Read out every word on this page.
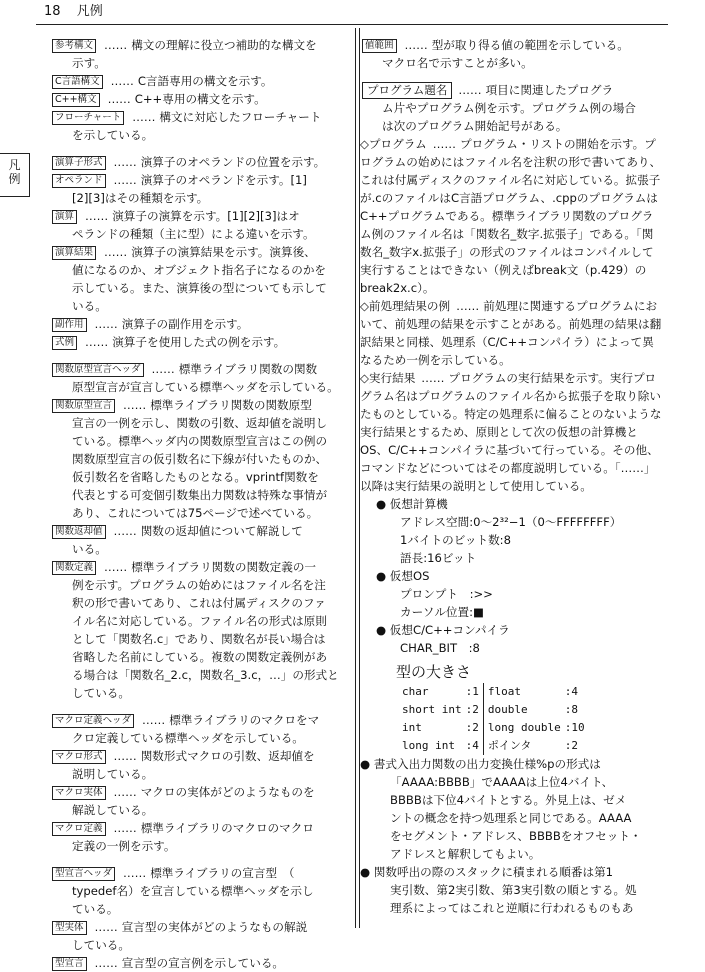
18 凡例
凡
例
参考構文 …… 構文の理解に役立つ補助的な構文を
示す。
C言語構文 …… C言語専用の構文を示す。
C++構文 …… C++専用の構文を示す。
フローチャート …… 構文に対応したフローチャート
を示している。
演算子形式 …… 演算子のオペランドの位置を示す。
オペランド …… 演算子のオペランドを示す。[1]
[2][3]はその種類を示す。
演算 …… 演算子の演算を示す。[1][2][3]はオ
ペランドの種類（主に型）による違いを示す。
演算結果 …… 演算子の演算結果を示す。演算後、
値になるのか、オブジェクト指名子になるのかを
示している。また、演算後の型についても示して
いる。
副作用 …… 演算子の副作用を示す。
式例 …… 演算子を使用した式の例を示す。
関数原型宣言ヘッダ …… 標準ライブラリ関数の関数
原型宣言が宣言している標準ヘッダを示している。
関数原型宣言 …… 標準ライブラリ関数の関数原型
宣言の一例を示し、関数の引数、返却値を説明し
ている。標準ヘッダ内の関数原型宣言はこの例の
関数原型宣言の仮引数名に下線が付いたものか、
仮引数名を省略したものとなる。vprintf関数を
代表とする可変個引数集出力関数は特殊な事情が
あり、これについては75ページで述べている。
関数返却値 …… 関数の返却値について解説して
いる。
関数定義 …… 標準ライブラリ関数の関数定義の一
例を示す。プログラムの始めにはファイル名を注
釈の形で書いてあり、これは付属ディスクのファ
イル名に対応している。ファイル名の形式は原則
として「関数名.c」であり、関数名が長い場合は
省略した名前にしている。複数の関数定義例があ
る場合は「関数名_2.c，関数名_3.c，…」の形式と
している。
マクロ定義ヘッダ …… 標準ライブラリのマクロをマ
クロ定義している標準ヘッダを示している。
マクロ形式 …… 関数形式マクロの引数、返却値を
説明している。
マクロ実体 …… マクロの実体がどのようなものを
解説している。
マクロ定義 …… 標準ライブラリのマクロのマクロ
定義の一例を示す。
型宣言ヘッダ …… 標準ライブラリの宣言型　（
typedef名）を宣言している標準ヘッダを示し
ている。
型実体 …… 宣言型の実体がどのようなもの解説
している。
型宣言 …… 宣言型の宣言例を示している。
値範囲 …… 型が取り得る値の範囲を示している。
マクロ名で示すことが多い。
プログラム題名 …… 項目に関連したプログラ
ム片やプログラム例を示す。プログラム例の場合
は次のプログラム開始記号がある。
◇プログラム …… プログラム・リストの開始を示す。プログラムの始めにはファイル名を注釈の形で書いてあり、これは付属ディスクのファイル名に対応している。拡張子が.cのファイルはC言語プログラム、.cppのプログラムはC++プログラムである。標準ライブラリ関数のプログラム例のファイル名は「関数名_数字.拡張子」である。「関数名_数字x.拡張子」の形式のファイルはコンパイルして実行することはできない（例えばbreak文（p.429）のbreak2x.c）。
◇前処理結果の例 …… 前処理に関連するプログラムにおいて、前処理の結果を示すことがある。前処理の結果は翻訳結果と同様、処理系（C/C++コンパイラ）によって異なるため一例を示している。
◇実行結果 …… プログラムの実行結果を示す。実行プログラム名はプログラムのファイル名から拡張子を取り除いたものとしている。特定の処理系に偏ることのないような実行結果とするため、原則として次の仮想の計算機とOS、C/C++コンパイラに基づいて行っている。その他、コマンドなどについてはその都度説明している。「……」以降は実行結果の説明として使用している。
● 仮想計算機
アドレス空間:0〜2³²−1（0〜FFFFFFFF）
1バイトのビット数:8
語長:16ビット
● 仮想OS
プロンプト　:>>
カーソル位置:■
● 仮想C/C++コンパイラ
CHAR_BIT　:8
型の大きさ
char	:1	float	:4
short int	:2	double	:8
int	:2	long double	:10
long int	:4	ポインタ	:2
● 書式入出力関数の出力変換仕様%pの形式は
「AAAA:BBBB」でAAAAは上位4バイト、
BBBBは下位4バイトとする。外見上は、ゼメ
ントの概念を持つ処理系と同じである。AAAA
をセグメント・アドレス、BBBBをオフセット・
アドレスと解釈してもよい。
● 関数呼出の際のスタックに積まれる順番は第1
実引数、第2実引数、第3実引数の順とする。処
理系によってはこれと逆順に行われるものもあ
